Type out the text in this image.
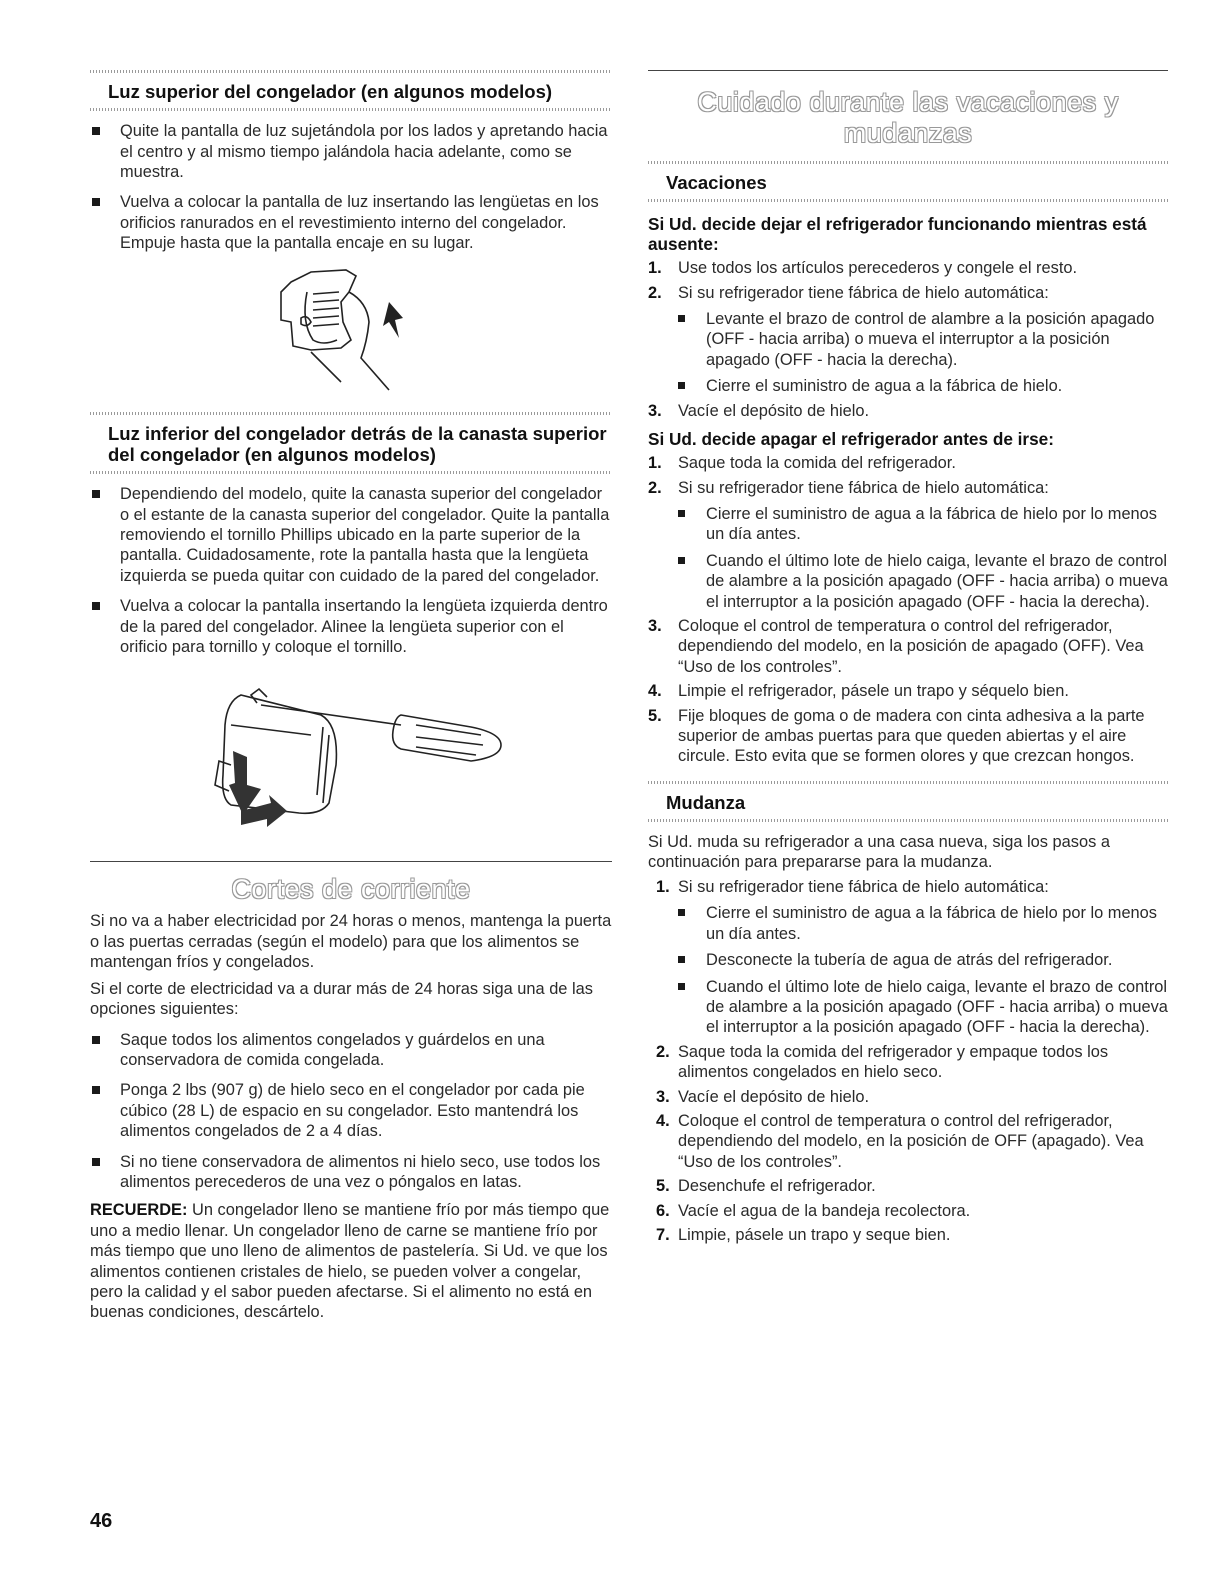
Luz superior del congelador (en algunos modelos)
Quite la pantalla de luz sujetándola por los lados y apretando hacia el centro y al mismo tiempo jalándola hacia adelante, como se muestra.
Vuelva a colocar la pantalla de luz insertando las lengüetas en los orificios ranurados en el revestimiento interno del congelador. Empuje hasta que la pantalla encaje en su lugar.
Luz inferior del congelador detrás de la canasta superior del congelador (en algunos modelos)
Dependiendo del modelo, quite la canasta superior del congelador o el estante de la canasta superior del congelador. Quite la pantalla removiendo el tornillo Phillips ubicado en la parte superior de la pantalla. Cuidadosamente, rote la pantalla hasta que la lengüeta izquierda se pueda quitar con cuidado de la pared del congelador.
Vuelva a colocar la pantalla insertando la lengüeta izquierda dentro de la pared del congelador. Alinee la lengüeta superior con el orificio para tornillo y coloque el tornillo.
Cortes de corriente

Si no va a haber electricidad por 24 horas o menos, mantenga la puerta o las puertas cerradas (según el modelo) para que los alimentos se mantengan fríos y congelados.

Si el corte de electricidad va a durar más de 24 horas siga una de las opciones siguientes:

Saque todos los alimentos congelados y guárdelos en una conservadora de comida congelada.
Ponga 2 lbs (907 g) de hielo seco en el congelador por cada pie cúbico (28 L) de espacio en su congelador. Esto mantendrá los alimentos congelados de 2 a 4 días.
Si no tiene conservadora de alimentos ni hielo seco, use todos los alimentos perecederos de una vez o póngalos en latas.

RECUERDE: Un congelador lleno se mantiene frío por más tiempo que uno a medio llenar. Un congelador lleno de carne se mantiene frío por más tiempo que uno lleno de alimentos de pastelería. Si Ud. ve que los alimentos contienen cristales de hielo, se pueden volver a congelar, pero la calidad y el sabor pueden afectarse. Si el alimento no está en buenas condiciones, descártelo.

Cuidado durante las vacaciones y mudanzas
Vacaciones
Si Ud. decide dejar el refrigerador funcionando mientras está ausente:
1. Use todos los artículos perecederos y congele el resto.
2. Si su refrigerador tiene fábrica de hielo automática:
Levante el brazo de control de alambre a la posición apagado (OFF - hacia arriba) o mueva el interruptor a la posición apagado (OFF - hacia la derecha).
Cierre el suministro de agua a la fábrica de hielo.
3. Vacíe el depósito de hielo.
Si Ud. decide apagar el refrigerador antes de irse:
1. Saque toda la comida del refrigerador.
2. Si su refrigerador tiene fábrica de hielo automática:
Cierre el suministro de agua a la fábrica de hielo por lo menos un día antes.
Cuando el último lote de hielo caiga, levante el brazo de control de alambre a la posición apagado (OFF - hacia arriba) o mueva el interruptor a la posición apagado (OFF - hacia la derecha).
3. Coloque el control de temperatura o control del refrigerador, dependiendo del modelo, en la posición de apagado (OFF). Vea “Uso de los controles”.
4. Limpie el refrigerador, pásele un trapo y séquelo bien.
5. Fije bloques de goma o de madera con cinta adhesiva a la parte superior de ambas puertas para que queden abiertas y el aire circule. Esto evita que se formen olores y que crezcan hongos.
Mudanza

Si Ud. muda su refrigerador a una casa nueva, siga los pasos a continuación para prepararse para la mudanza.

1. Si su refrigerador tiene fábrica de hielo automática:
Cierre el suministro de agua a la fábrica de hielo por lo menos un día antes.
Desconecte la tubería de agua de atrás del refrigerador.
Cuando el último lote de hielo caiga, levante el brazo de control de alambre a la posición apagado (OFF - hacia arriba) o mueva el interruptor a la posición apagado (OFF - hacia la derecha).
2. Saque toda la comida del refrigerador y empaque todos los alimentos congelados en hielo seco.
3. Vacíe el depósito de hielo.
4. Coloque el control de temperatura o control del refrigerador, dependiendo del modelo, en la posición de OFF (apagado). Vea “Uso de los controles”.
5. Desenchufe el refrigerador.
6. Vacíe el agua de la bandeja recolectora.
7. Limpie, pásele un trapo y seque bien.
46
